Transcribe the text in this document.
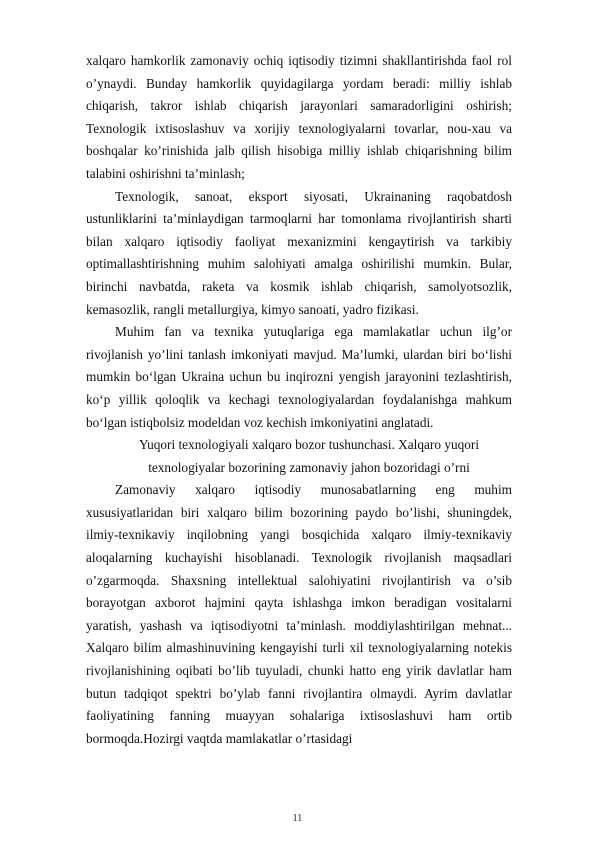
xalqaro hamkorlik zamonaviy ochiq iqtisodiy tizimni shakllantirishda faol rol o’ynaydi. Bunday hamkorlik quyidagilarga yordam beradi: milliy ishlab chiqarish, takror ishlab chiqarish jarayonlari samaradorligini oshirish; Texnologik ixtisoslashuv va xorijiy texnologiyalarni tovarlar, nou-xau va boshqalar ko’rinishida jalb qilish hisobiga milliy ishlab chiqarishning bilim talabini oshirishni ta’minlash;

Texnologik, sanoat, eksport siyosati, Ukrainaning raqobatdosh ustunliklarini ta’minlaydigan tarmoqlarni har tomonlama rivojlantirish sharti bilan xalqaro iqtisodiy faoliyat mexanizmini kengaytirish va tarkibiy optimallashtirishning muhim salohiyati amalga oshirilishi mumkin. Bular, birinchi navbatda, raketa va kosmik ishlab chiqarish, samolyotsozlik, kemasozlik, rangli metallurgiya, kimyo sanoati, yadro fizikasi.

Muhim fan va texnika yutuqlariga ega mamlakatlar uchun ilg’or rivojlanish yo’lini tanlash imkoniyati mavjud. Ma’lumki, ulardan biri bo‘lishi mumkin bo‘lgan Ukraina uchun bu inqirozni yengish jarayonini tezlashtirish, ko‘p yillik qoloqlik va kechagi texnologiyalardan foydalanishga mahkum bo‘lgan istiqbolsiz modeldan voz kechish imkoniyatini anglatadi.

Yuqori texnologiyali xalqaro bozor tushunchasi. Xalqaro yuqori texnologiyalar bozorining zamonaviy jahon bozoridagi o’rni

Zamonaviy xalqaro iqtisodiy munosabatlarning eng muhim xususiyatlaridan biri xalqaro bilim bozorining paydo bo’lishi, shuningdek, ilmiy-texnikaviy inqilobning yangi bosqichida xalqaro ilmiy-texnikaviy aloqalarning kuchayishi hisoblanadi. Texnologik rivojlanish maqsadlari o’zgarmoqda. Shaxsning intellektual salohiyatini rivojlantirish va o’sib borayotgan axborot hajmini qayta ishlashga imkon beradigan vositalarni yaratish, yashash va iqtisodiyotni ta’minlash. moddiylashtirilgan mehnat... Xalqaro bilim almashinuvining kengayishi turli xil texnologiyalarning notekis rivojlanishining oqibati bo’lib tuyuladi, chunki hatto eng yirik davlatlar ham butun tadqiqot spektri bo’ylab fanni rivojlantira olmaydi. Ayrim davlatlar faoliyatining fanning muayyan sohalariga ixtisoslashuvi ham ortib bormoqda.Hozirgi vaqtda mamlakatlar o’rtasidagi

11
